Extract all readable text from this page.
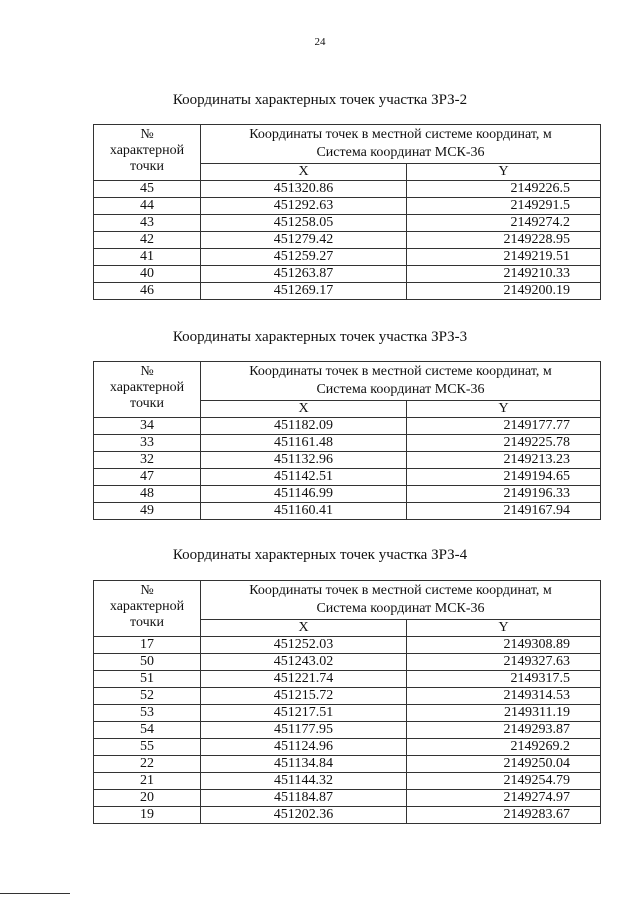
24
Координаты характерных точек участка ЗРЗ-2
№
характерной
точки	Координаты точек в местной системе координат, м
Система координат МСК-36	

	X	Y
45	451320.86	2149226.5
44	451292.63	2149291.5
43	451258.05	2149274.2
42	451279.42	2149228.95
41	451259.27	2149219.51
40	451263.87	2149210.33
46	451269.17	2149200.19
Координаты характерных точек участка ЗРЗ-3
№
характерной
точки	Координаты точек в местной системе координат, м
Система координат МСК-36	

	X	Y
34	451182.09	2149177.77
33	451161.48	2149225.78
32	451132.96	2149213.23
47	451142.51	2149194.65
48	451146.99	2149196.33
49	451160.41	2149167.94
Координаты характерных точек участка ЗРЗ-4
№
характерной
точки	Координаты точек в местной системе координат, м
Система координат МСК-36	

	X	Y
17	451252.03	2149308.89
50	451243.02	2149327.63
51	451221.74	2149317.5
52	451215.72	2149314.53
53	451217.51	2149311.19
54	451177.95	2149293.87
55	451124.96	2149269.2
22	451134.84	2149250.04
21	451144.32	2149254.79
20	451184.87	2149274.97
19	451202.36	2149283.67
